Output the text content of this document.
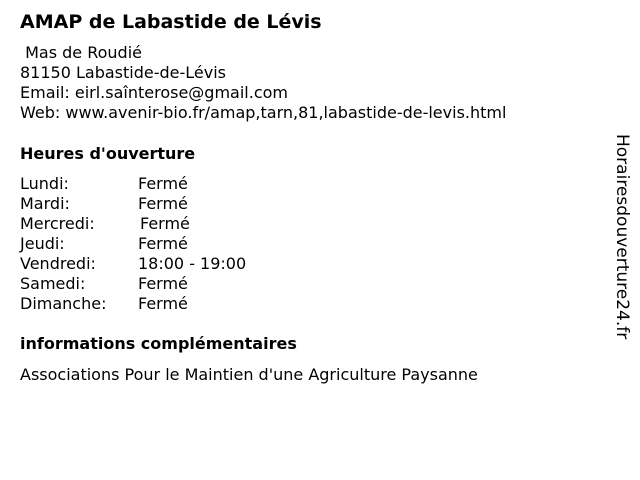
AMAP de Labastide de Lévis
Mas de Roudié
81150 Labastide-de-Lévis
Email: eirl.saînterose@gmail.com
Web: www.avenir-bio.fr/amap,tarn,81,labastide-de-levis.html
Heures d'ouverture
Lundi:	Fermé
Mardi:	Fermé
Mercredi:	Fermé
Jeudi:	Fermé
Vendredi:	18:00 - 19:00
Samedi:	Fermé
Dimanche: Fermé
informations complémentaires
Associations Pour le Maintien d'une Agriculture Paysanne
Horairesdouverture24.fr
